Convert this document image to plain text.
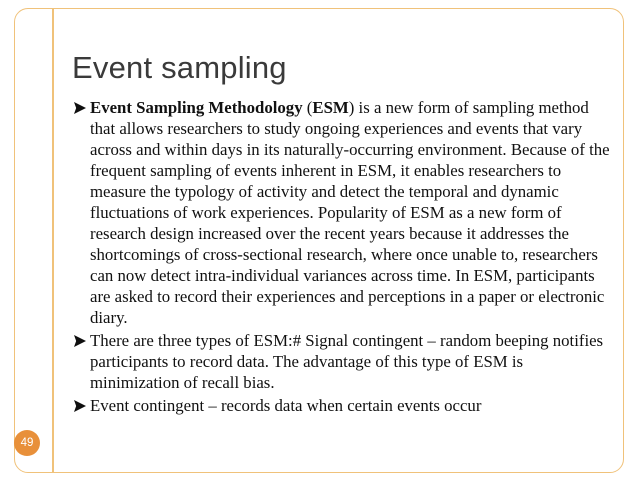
Event sampling
Event Sampling Methodology (ESM) is a new form of sampling method that allows researchers to study ongoing experiences and events that vary across and within days in its naturally-occurring environment. Because of the frequent sampling of events inherent in ESM, it enables researchers to measure the typology of activity and detect the temporal and dynamic fluctuations of work experiences. Popularity of ESM as a new form of research design increased over the recent years because it addresses the shortcomings of cross-sectional research, where once unable to, researchers can now detect intra-individual variances across time. In ESM, participants are asked to record their experiences and perceptions in a paper or electronic diary.
There are three types of ESM:# Signal contingent – random beeping notifies participants to record data. The advantage of this type of ESM is minimization of recall bias.
Event contingent – records data when certain events occur
49
